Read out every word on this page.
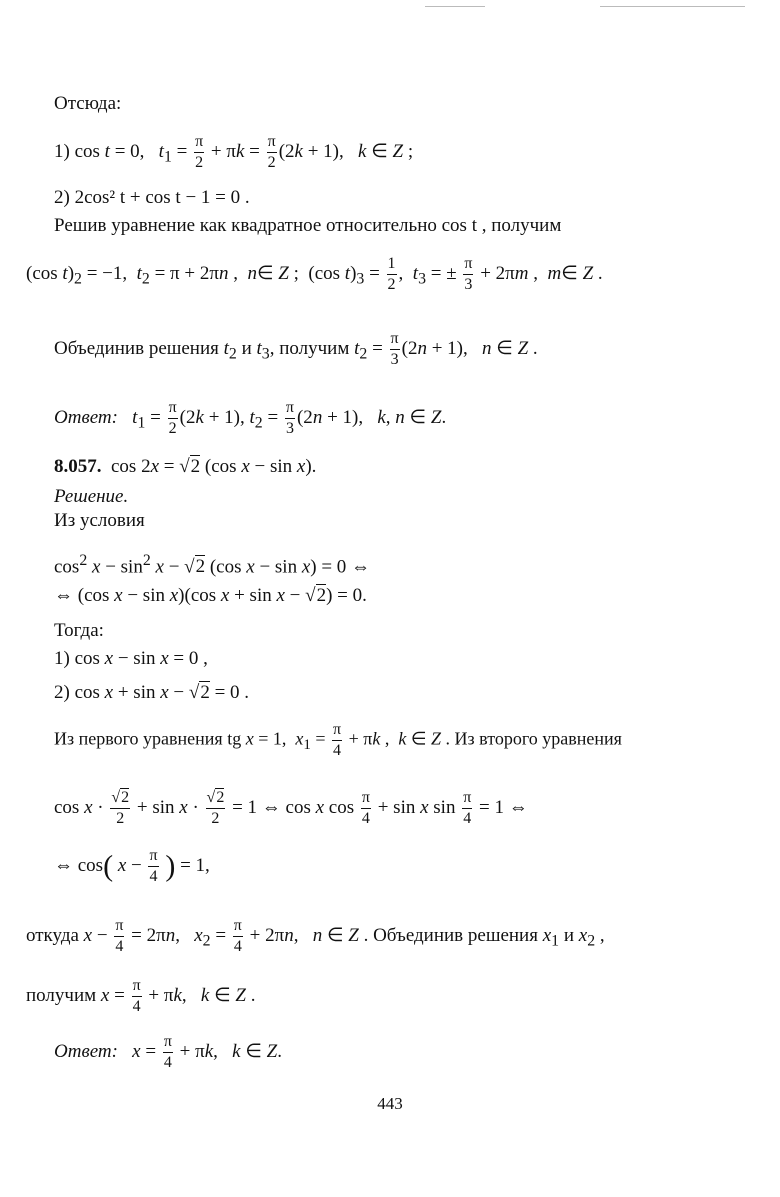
Отсюда:
1) cos t = 0,   $t_1 = \frac{\pi}{2} + \pi k = \frac{\pi}{2} (2k + 1)$,   k ∈ Z ;
2) 2cos² t + cos t − 1 = 0 .
Решив уравнение как квадратное относительно cos t , получим
(cos $t)_2 = -1$,  $t_2 = \pi + 2\pi n$ ,  n∈ Z ;  (cos $t)_3 = \frac{1}{2}$ ,  $t_3$ = ± $\frac{\pi}{3} + 2\pi m$ ,  m∈ Z .
Объединив решения $t_2$ и $t_3$, получим $t_2 = \frac{\pi}{3} (2n + 1)$,   n ∈ Z .
Ответ: $t_1 = \frac{\pi}{2} (2k + 1)$, $t_2 = \frac{\pi}{3} (2n + 1)$,   k, n ∈ Z.
8.057. cos 2x = √2 (cos x − sin x).
Решение.
Из условия
$\cos^2 x - \sin^2 x - √2$ (cos x − sin x) = 0 ⇔
⇔ (cos x − sin x)(cos x + sin x − √2) = 0.
Тогда:
1) cos x − sin x = 0 ,
2) cos x + sin x − √2 = 0 .
Из первого уравнения tg x = 1,  $x_1 = \frac{\pi}{4} + \pi k$ ,  k ∈ Z . Из второго уравнения
$\cos x \cdot \frac{√2}{2} + \sin x \cdot \frac{√2}{2} = 1$ ⇔ cos x $\cos \frac{\pi}{4} + \sin x$ $\sin \frac{\pi}{4} = 1$ ⇔
⇔ cos( $x - \frac{\pi}{4}$ ) = 1,
откуда $x - \frac{\pi}{4} = 2\pi n$,   $x_2 = \frac{\pi}{4} + 2\pi n$,   n ∈ Z . Объединив решения $x_1$ и $x_2$ ,
получим $x = \frac{\pi}{4} + \pi k$,   k ∈ Z .
Ответ: $x = \frac{\pi}{4} + \pi k$,   k ∈ Z.
443
